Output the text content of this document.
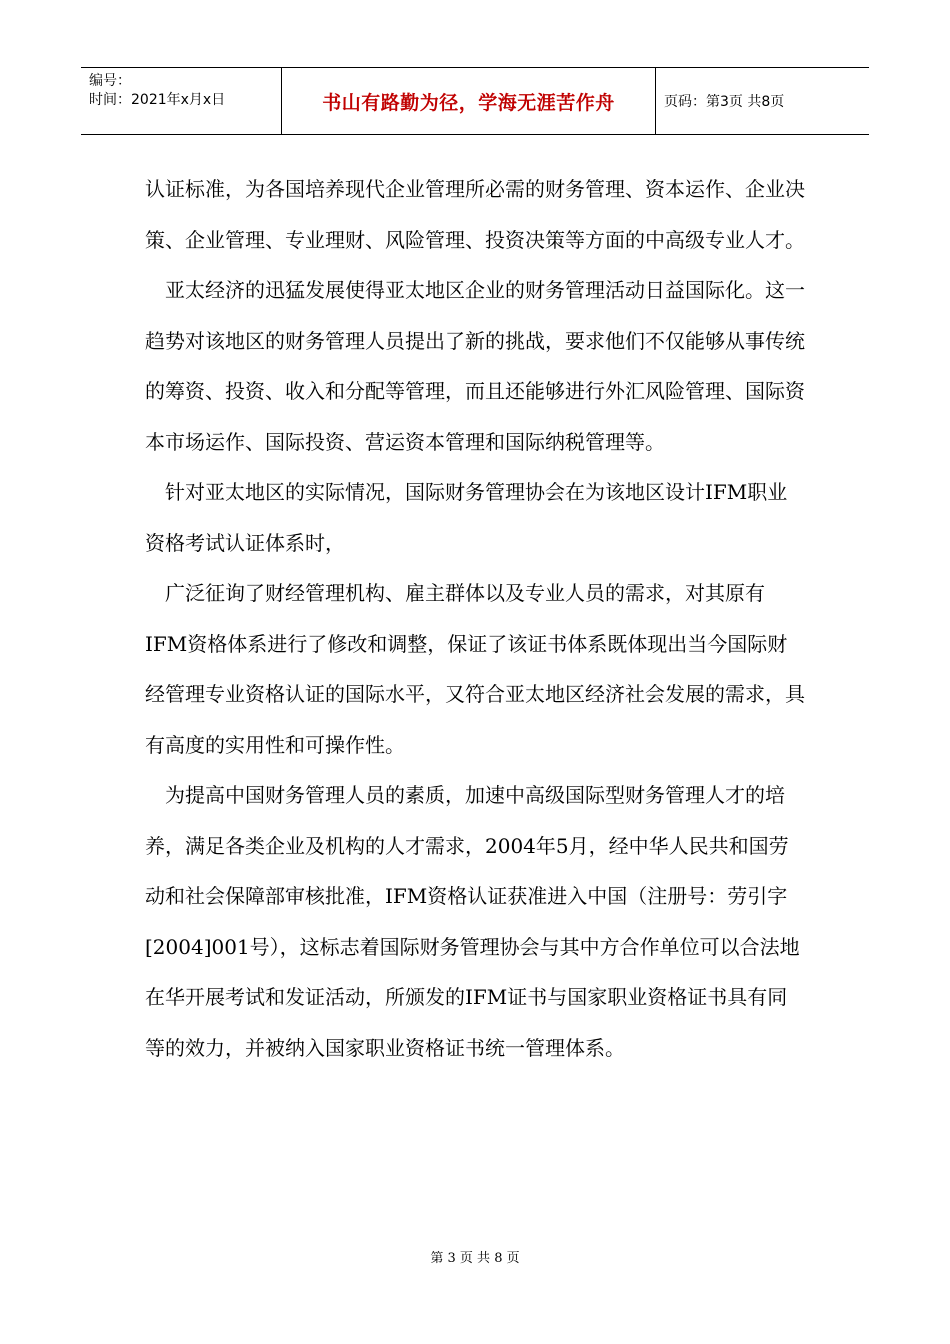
编号：
时间：2021年x月x日	书山有路勤为径，学海无涯苦作舟	页码：第3页 共8页

认证标准，为各国培养现代企业管理所必需的财务管理、资本运作、企业决策、企业管理、专业理财、风险管理、投资决策等方面的中高级专业人才。

亚太经济的迅猛发展使得亚太地区企业的财务管理活动日益国际化。这一趋势对该地区的财务管理人员提出了新的挑战，要求他们不仅能够从事传统的筹资、投资、收入和分配等管理，而且还能够进行外汇风险管理、国际资本市场运作、国际投资、营运资本管理和国际纳税管理等。

针对亚太地区的实际情况，国际财务管理协会在为该地区设计IFM职业资格考试认证体系时，

广泛征询了财经管理机构、雇主群体以及专业人员的需求，对其原有IFM资格体系进行了修改和调整，保证了该证书体系既体现出当今国际财经管理专业资格认证的国际水平，又符合亚太地区经济社会发展的需求，具有高度的实用性和可操作性。

为提高中国财务管理人员的素质，加速中高级国际型财务管理人才的培养，满足各类企业及机构的人才需求，2004年5月，经中华人民共和国劳动和社会保障部审核批准，IFM资格认证获准进入中国（注册号：劳引字[2004]001号），这标志着国际财务管理协会与其中方合作单位可以合法地在华开展考试和发证活动，所颁发的IFM证书与国家职业资格证书具有同等的效力，并被纳入国家职业资格证书统一管理体系。

第 3 页 共 8 页
